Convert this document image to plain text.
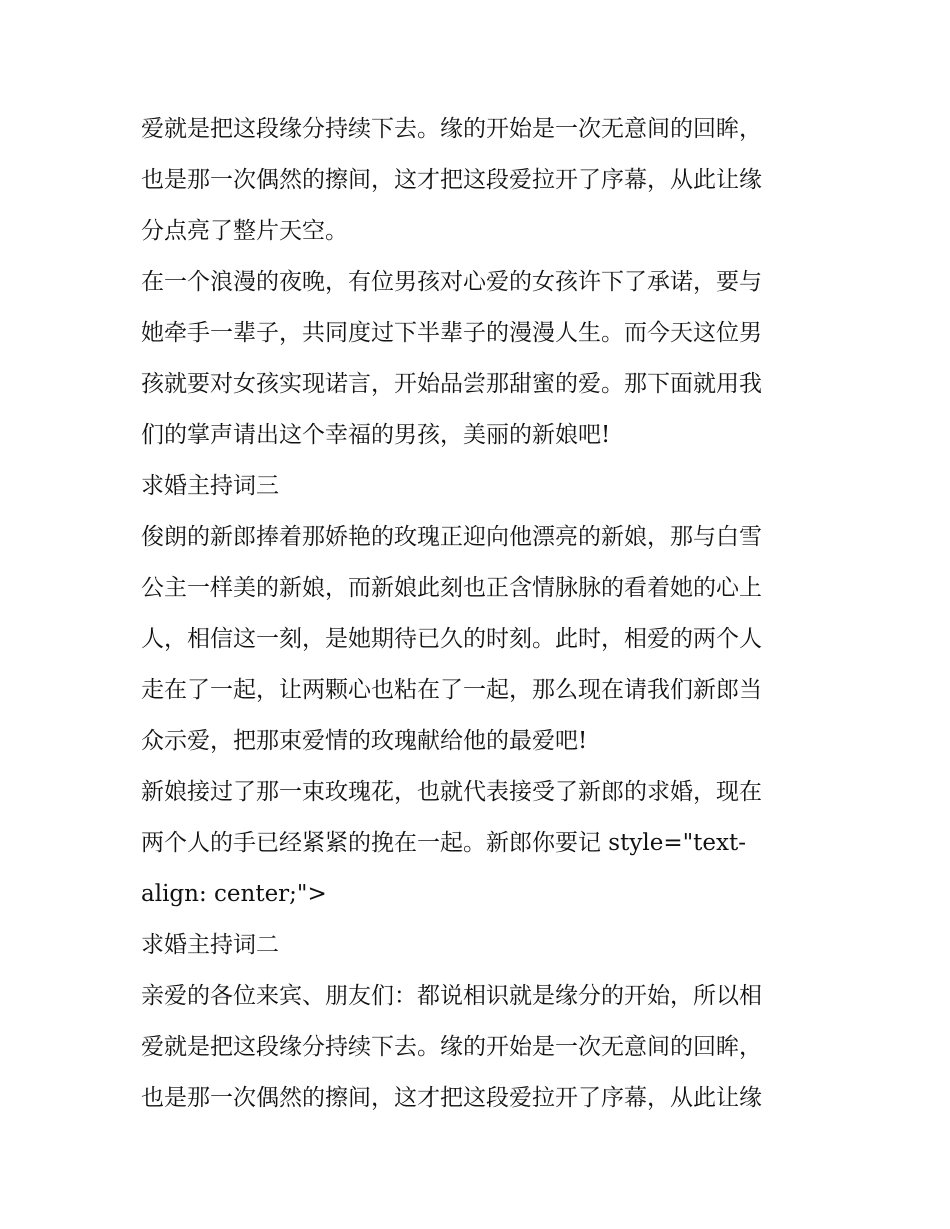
爱就是把这段缘分持续下去。缘的开始是一次无意间的回眸，
也是那一次偶然的擦间，这才把这段爱拉开了序幕，从此让缘
分点亮了整片天空。

在一个浪漫的夜晚，有位男孩对心爱的女孩许下了承诺，要与
她牵手一辈子，共同度过下半辈子的漫漫人生。而今天这位男
孩就要对女孩实现诺言，开始品尝那甜蜜的爱。那下面就用我
们的掌声请出这个幸福的男孩，美丽的新娘吧!

求婚主持词三

俊朗的新郎捧着那娇艳的玫瑰正迎向他漂亮的新娘，那与白雪
公主一样美的新娘，而新娘此刻也正含情脉脉的看着她的心上
人，相信这一刻，是她期待已久的时刻。此时，相爱的两个人
走在了一起，让两颗心也粘在了一起，那么现在请我们新郎当
众示爱，把那束爱情的玫瑰献给他的最爱吧!

新娘接过了那一束玫瑰花，也就代表接受了新郎的求婚，现在
两个人的手已经紧紧的挽在一起。新郎你要记 style="text-
align: center;">

求婚主持词二

亲爱的各位来宾、朋友们：都说相识就是缘分的开始，所以相
爱就是把这段缘分持续下去。缘的开始是一次无意间的回眸，
也是那一次偶然的擦间，这才把这段爱拉开了序幕，从此让缘
